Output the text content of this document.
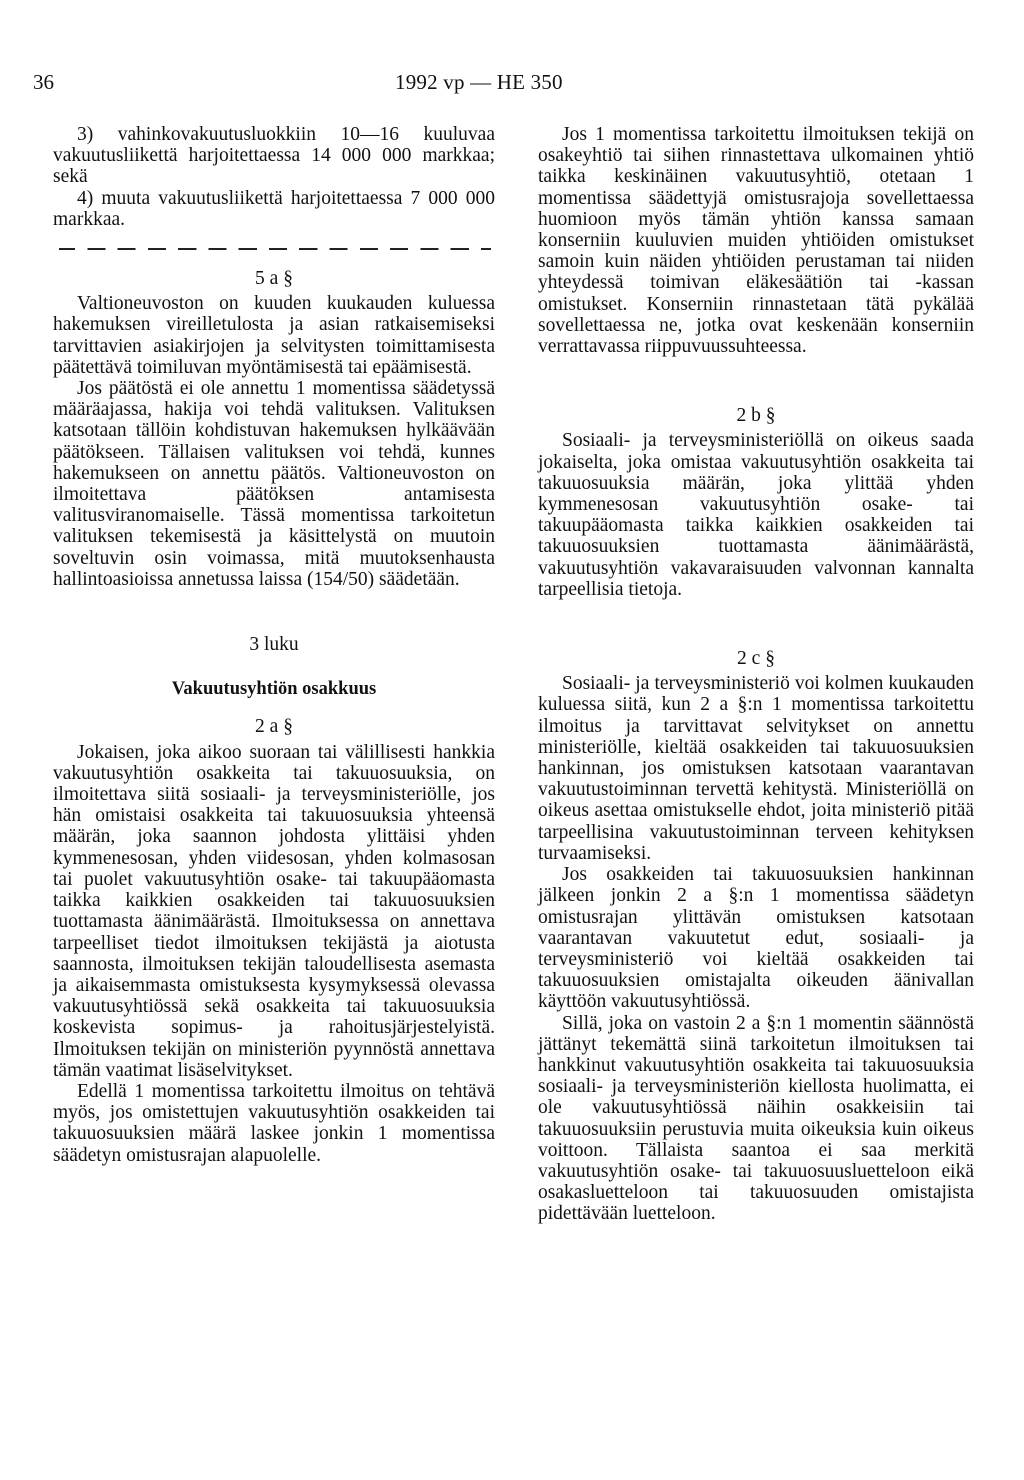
36	1992 vp — HE 350

3) vahinkovakuutusluokkiin 10—16 kuuluvaa vakuutusliikettä harjoitettaessa 14 000 000 markkaa; sekä

4) muuta vakuutusliikettä harjoitettaessa 7 000 000 markkaa.

5 a §

Valtioneuvoston on kuuden kuukauden kuluessa hakemuksen vireilletulosta ja asian ratkaisemiseksi tarvittavien asiakirjojen ja selvitysten toimittamisesta päätettävä toimiluvan myöntämisestä tai epäämisestä.

Jos päätöstä ei ole annettu 1 momentissa säädetyssä määräajassa, hakija voi tehdä valituksen. Valituksen katsotaan tällöin kohdistuvan hakemuksen hylkäävään päätökseen. Tällaisen valituksen voi tehdä, kunnes hakemukseen on annettu päätös. Valtioneuvoston on ilmoitettava päätöksen antamisesta valitusviranomaiselle. Tässä momentissa tarkoitetun valituksen tekemisestä ja käsittelystä on muutoin soveltuvin osin voimassa, mitä muutoksenhausta hallintoasioissa annetussa laissa (154/50) säädetään.

3 luku

Vakuutusyhtiön osakkuus

2 a §

Jokaisen, joka aikoo suoraan tai välillisesti hankkia vakuutusyhtiön osakkeita tai takuuosuuksia, on ilmoitettava siitä sosiaali- ja terveysministeriölle, jos hän omistaisi osakkeita tai takuuosuuksia yhteensä määrän, joka saannon johdosta ylittäisi yhden kymmenesosan, yhden viidesosan, yhden kolmasosan tai puolet vakuutusyhtiön osake- tai takuupääomasta taikka kaikkien osakkeiden tai takuuosuuksien tuottamasta äänimäärästä. Ilmoituksessa on annettava tarpeelliset tiedot ilmoituksen tekijästä ja aiotusta saannosta, ilmoituksen tekijän taloudellisesta asemasta ja aikaisemmasta omistuksesta kysymyksessä olevassa vakuutusyhtiössä sekä osakkeita tai takuuosuuksia koskevista sopimus- ja rahoitusjärjestelyistä. Ilmoituksen tekijän on ministeriön pyynnöstä annettava tämän vaatimat lisäselvitykset.

Edellä 1 momentissa tarkoitettu ilmoitus on tehtävä myös, jos omistettujen vakuutusyhtiön osakkeiden tai takuuosuuksien määrä laskee jonkin 1 momentissa säädetyn omistusrajan alapuolelle.

Jos 1 momentissa tarkoitettu ilmoituksen tekijä on osakeyhtiö tai siihen rinnastettava ulkomainen yhtiö taikka keskinäinen vakuutusyhtiö, otetaan 1 momentissa säädettyjä omistusrajoja sovellettaessa huomioon myös tämän yhtiön kanssa samaan konserniin kuuluvien muiden yhtiöiden omistukset samoin kuin näiden yhtiöiden perustaman tai niiden yhteydessä toimivan eläkesäätiön tai -kassan omistukset. Konserniin rinnastetaan tätä pykälää sovellettaessa ne, jotka ovat keskenään konserniin verrattavassa riippuvuussuhteessa.

2 b §

Sosiaali- ja terveysministeriöllä on oikeus saada jokaiselta, joka omistaa vakuutusyhtiön osakkeita tai takuuosuuksia määrän, joka ylittää yhden kymmenesosan vakuutusyhtiön osake- tai takuupääomasta taikka kaikkien osakkeiden tai takuuosuuksien tuottamasta äänimäärästä, vakuutusyhtiön vakavaraisuuden valvonnan kannalta tarpeellisia tietoja.

2 c §

Sosiaali- ja terveysministeriö voi kolmen kuukauden kuluessa siitä, kun 2 a §:n 1 momentissa tarkoitettu ilmoitus ja tarvittavat selvitykset on annettu ministeriölle, kieltää osakkeiden tai takuuosuuksien hankinnan, jos omistuksen katsotaan vaarantavan vakuutustoiminnan tervettä kehitystä. Ministeriöllä on oikeus asettaa omistukselle ehdot, joita ministeriö pitää tarpeellisina vakuutustoiminnan terveen kehityksen turvaamiseksi.

Jos osakkeiden tai takuuosuuksien hankinnan jälkeen jonkin 2 a §:n 1 momentissa säädetyn omistusrajan ylittävän omistuksen katsotaan vaarantavan vakuutetut edut, sosiaali- ja terveysministeriö voi kieltää osakkeiden tai takuuosuuksien omistajalta oikeuden äänivallan käyttöön vakuutusyhtiössä.

Sillä, joka on vastoin 2 a §:n 1 momentin säännöstä jättänyt tekemättä siinä tarkoitetun ilmoituksen tai hankkinut vakuutusyhtiön osakkeita tai takuuosuuksia sosiaali- ja terveysministeriön kiellosta huolimatta, ei ole vakuutusyhtiössä näihin osakkeisiin tai takuuosuuksiin perustuvia muita oikeuksia kuin oikeus voittoon. Tällaista saantoa ei saa merkitä vakuutusyhtiön osake- tai takuuosuusluetteloon eikä osakasluetteloon tai takuuosuuden omistajista pidettävään luetteloon.
